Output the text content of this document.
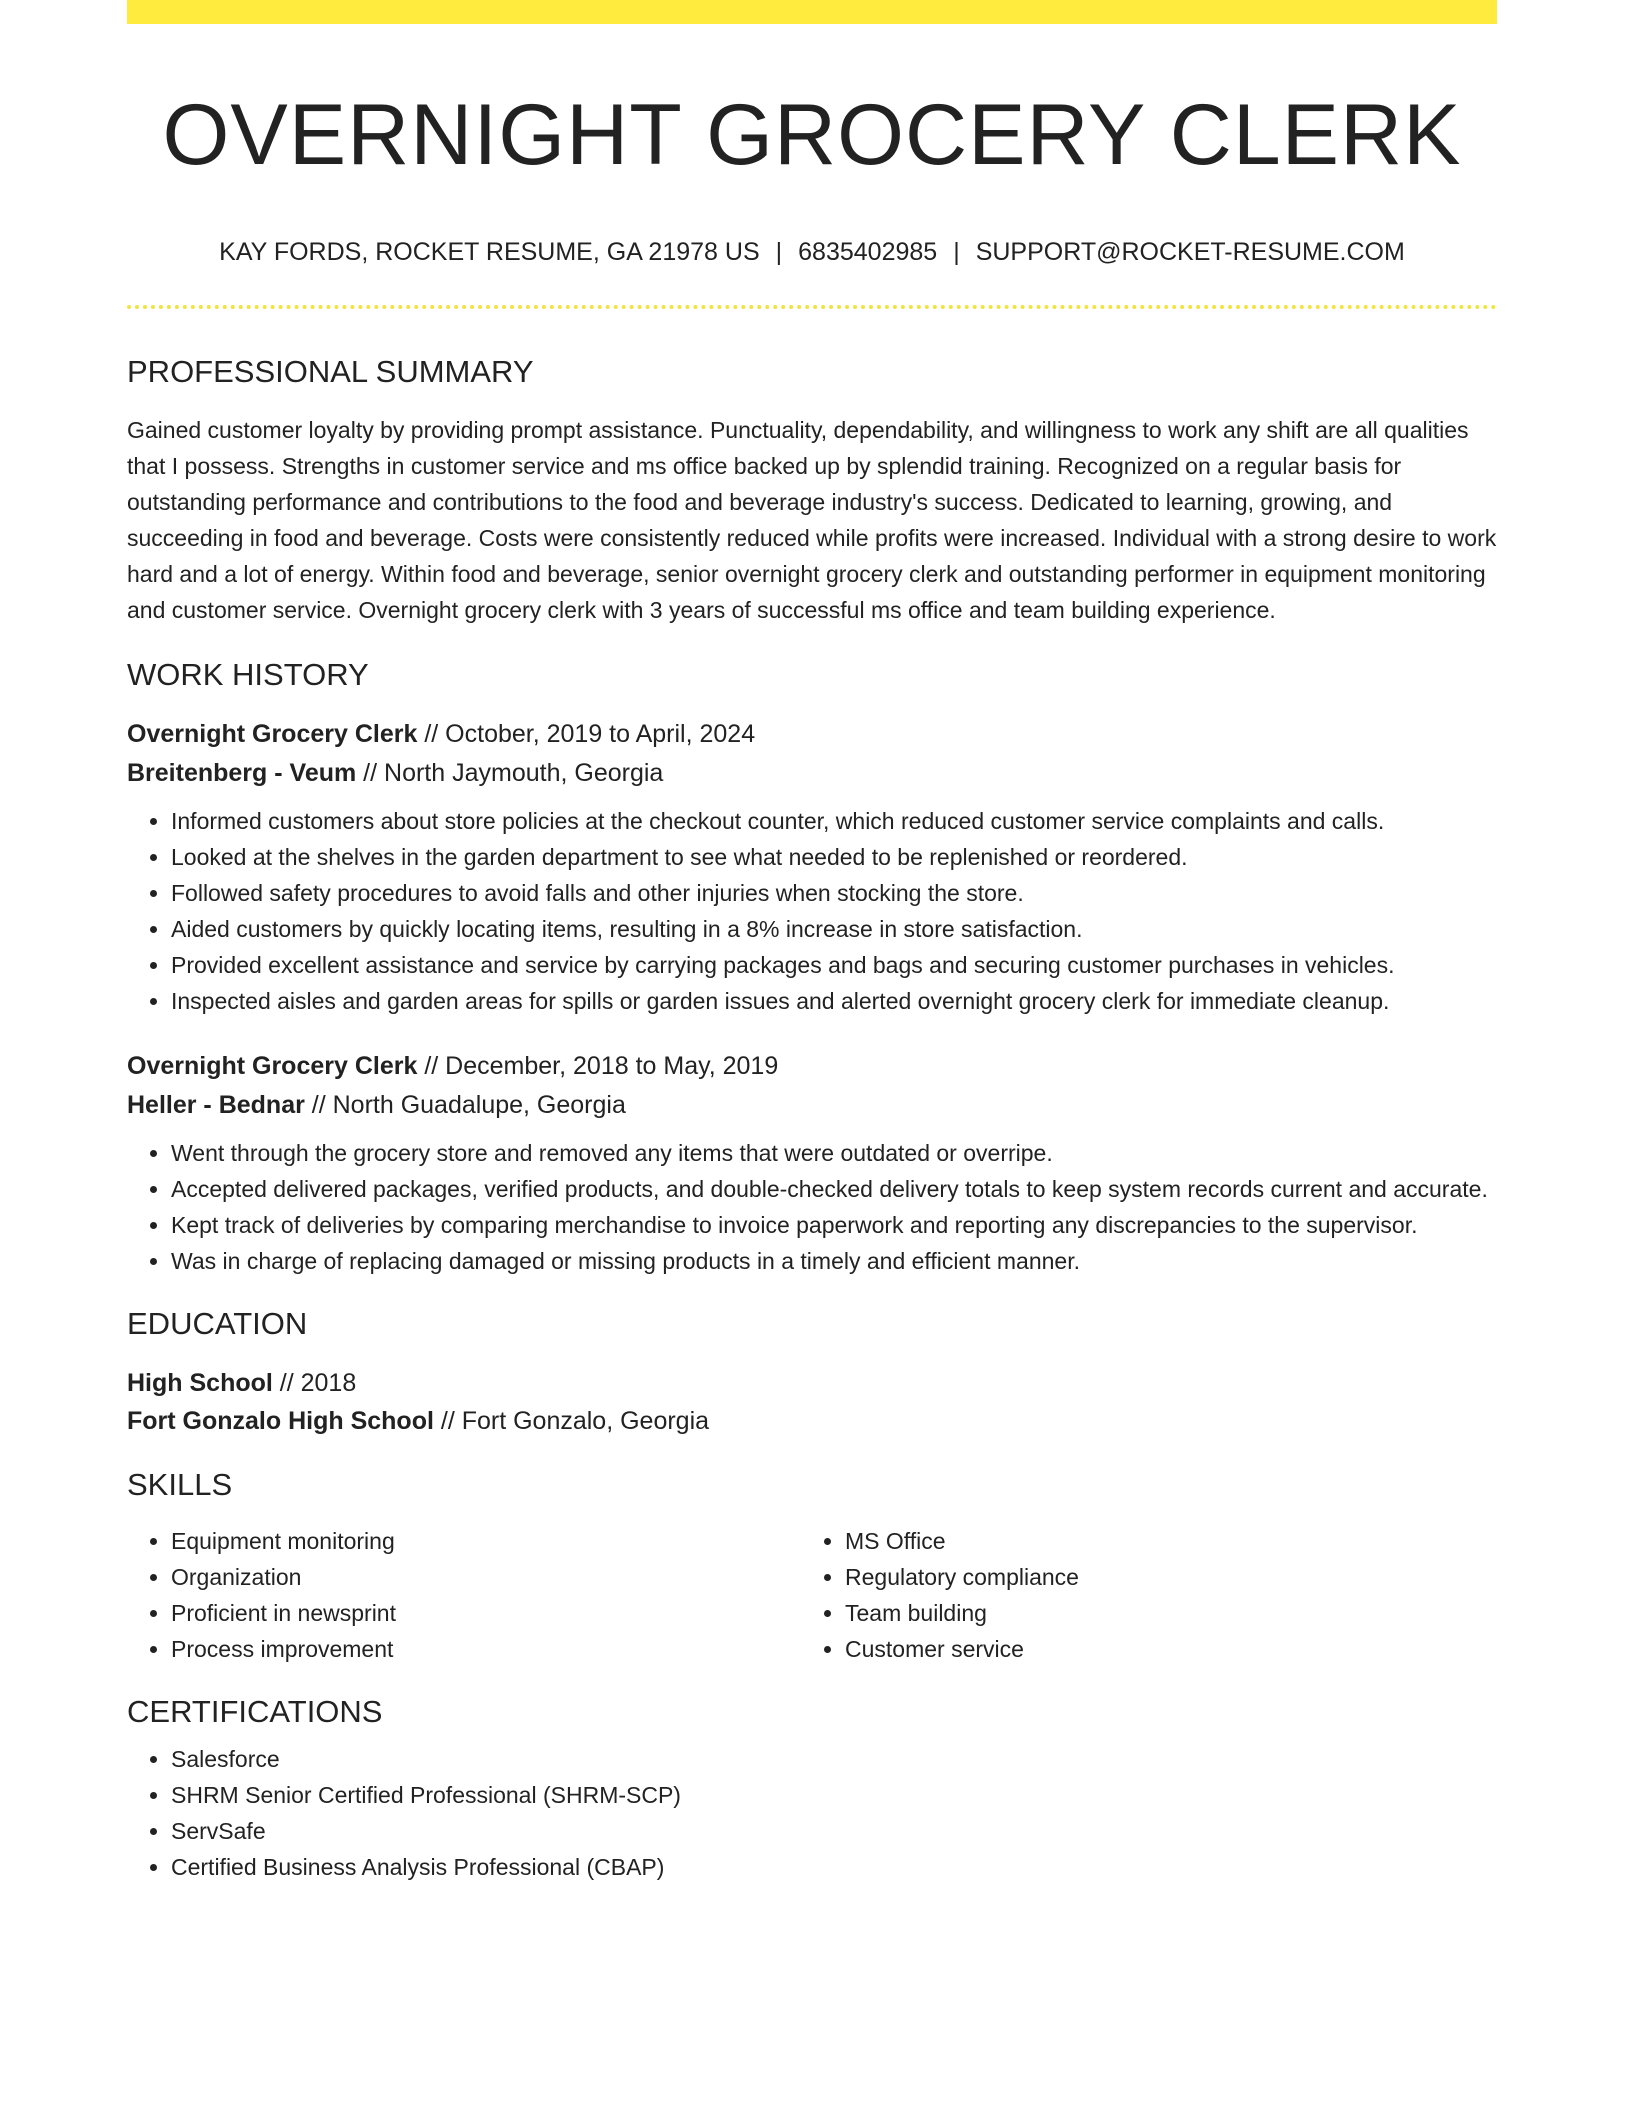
OVERNIGHT GROCERY CLERK
KAY FORDS, ROCKET RESUME, GA 21978 US | 6835402985 | SUPPORT@ROCKET-RESUME.COM
PROFESSIONAL SUMMARY

Gained customer loyalty by providing prompt assistance. Punctuality, dependability, and willingness to work any shift are all qualities that I possess. Strengths in customer service and ms office backed up by splendid training. Recognized on a regular basis for outstanding performance and contributions to the food and beverage industry's success. Dedicated to learning, growing, and succeeding in food and beverage. Costs were consistently reduced while profits were increased. Individual with a strong desire to work hard and a lot of energy. Within food and beverage, senior overnight grocery clerk and outstanding performer in equipment monitoring and customer service. Overnight grocery clerk with 3 years of successful ms office and team building experience.

WORK HISTORY
Overnight Grocery Clerk // October, 2019 to April, 2024
Breitenberg - Veum // North Jaymouth, Georgia
• Informed customers about store policies at the checkout counter, which reduced customer service complaints and calls.
• Looked at the shelves in the garden department to see what needed to be replenished or reordered.
• Followed safety procedures to avoid falls and other injuries when stocking the store.
• Aided customers by quickly locating items, resulting in a 8% increase in store satisfaction.
• Provided excellent assistance and service by carrying packages and bags and securing customer purchases in vehicles.
• Inspected aisles and garden areas for spills or garden issues and alerted overnight grocery clerk for immediate cleanup.
Overnight Grocery Clerk // December, 2018 to May, 2019
Heller - Bednar // North Guadalupe, Georgia
• Went through the grocery store and removed any items that were outdated or overripe.
• Accepted delivered packages, verified products, and double-checked delivery totals to keep system records current and accurate.
• Kept track of deliveries by comparing merchandise to invoice paperwork and reporting any discrepancies to the supervisor.
• Was in charge of replacing damaged or missing products in a timely and efficient manner.
EDUCATION
High School // 2018
Fort Gonzalo High School // Fort Gonzalo, Georgia
SKILLS
• Equipment monitoring
• Organization
• Proficient in newsprint
• Process improvement
• MS Office
• Regulatory compliance
• Team building
• Customer service
CERTIFICATIONS
• Salesforce
• SHRM Senior Certified Professional (SHRM-SCP)
• ServSafe
• Certified Business Analysis Professional (CBAP)
